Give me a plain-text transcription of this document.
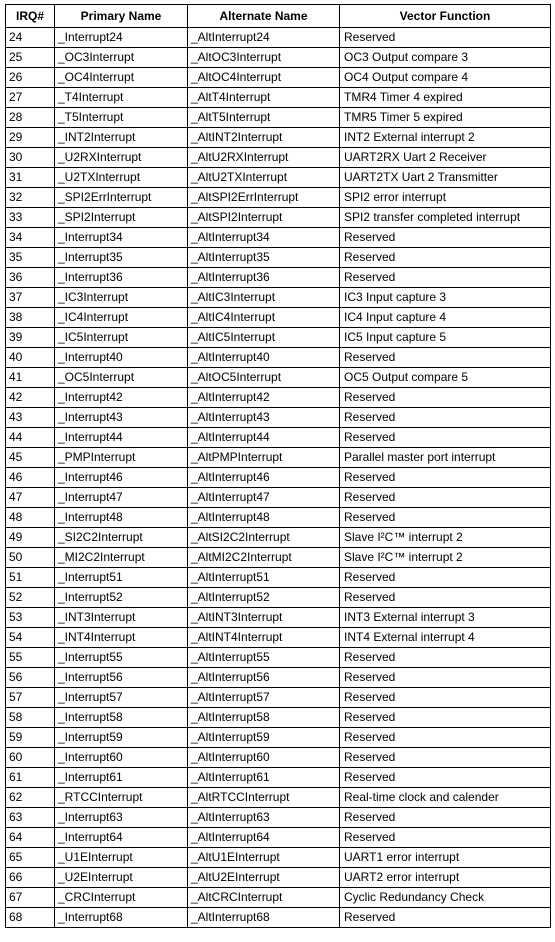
IRQ#	Primary Name	Alternate Name	Vector Function
24	_Interrupt24	_AltInterrupt24	Reserved
25	_OC3Interrupt	_AltOC3Interrupt	OC3 Output compare 3
26	_OC4Interrupt	_AltOC4Interrupt	OC4 Output compare 4
27	_T4Interrupt	_AltT4Interrupt	TMR4 Timer 4 expired
28	_T5Interrupt	_AltT5Interrupt	TMR5 Timer 5 expired
29	_INT2Interrupt	_AltINT2Interrupt	INT2 External interrupt 2
30	_U2RXInterrupt	_AltU2RXInterrupt	UART2RX Uart 2 Receiver
31	_U2TXInterrupt	_AltU2TXInterrupt	UART2TX Uart 2 Transmitter
32	_SPI2ErrInterrupt	_AltSPI2ErrInterrupt	SPI2 error interrupt
33	_SPI2Interrupt	_AltSPI2Interrupt	SPI2 transfer completed interrupt
34	_Interrupt34	_AltInterrupt34	Reserved
35	_Interrupt35	_AltInterrupt35	Reserved
36	_Interrupt36	_AltInterrupt36	Reserved
37	_IC3Interrupt	_AltIC3Interrupt	IC3 Input capture 3
38	_IC4Interrupt	_AltIC4Interrupt	IC4 Input capture 4
39	_IC5Interrupt	_AltIC5Interrupt	IC5 Input capture 5
40	_Interrupt40	_AltInterrupt40	Reserved
41	_OC5Interrupt	_AltOC5Interrupt	OC5 Output compare 5
42	_Interrupt42	_AltInterrupt42	Reserved
43	_Interrupt43	_AltInterrupt43	Reserved
44	_Interrupt44	_AltInterrupt44	Reserved
45	_PMPInterrupt	_AltPMPInterrupt	Parallel master port interrupt
46	_Interrupt46	_AltInterrupt46	Reserved
47	_Interrupt47	_AltInterrupt47	Reserved
48	_Interrupt48	_AltInterrupt48	Reserved
49	_SI2C2Interrupt	_AltSI2C2Interrupt	Slave I²C™ interrupt 2
50	_MI2C2Interrupt	_AltMI2C2Interrupt	Slave I²C™ interrupt 2
51	_Interrupt51	_AltInterrupt51	Reserved
52	_Interrupt52	_AltInterrupt52	Reserved
53	_INT3Interrupt	_AltINT3Interrupt	INT3 External interrupt 3
54	_INT4Interrupt	_AltINT4Interrupt	INT4 External interrupt 4
55	_Interrupt55	_AltInterrupt55	Reserved
56	_Interrupt56	_AltInterrupt56	Reserved
57	_Interrupt57	_AltInterrupt57	Reserved
58	_Interrupt58	_AltInterrupt58	Reserved
59	_Interrupt59	_AltInterrupt59	Reserved
60	_Interrupt60	_AltInterrupt60	Reserved
61	_Interrupt61	_AltInterrupt61	Reserved
62	_RTCCInterrupt	_AltRTCCInterrupt	Real-time clock and calender
63	_Interrupt63	_AltInterrupt63	Reserved
64	_Interrupt64	_AltInterrupt64	Reserved
65	_U1EInterrupt	_AltU1EInterrupt	UART1 error interrupt
66	_U2EInterrupt	_AltU2EInterrupt	UART2 error interrupt
67	_CRCInterrupt	_AltCRCInterrupt	Cyclic Redundancy Check
68	_Interrupt68	_AltInterrupt68	Reserved
